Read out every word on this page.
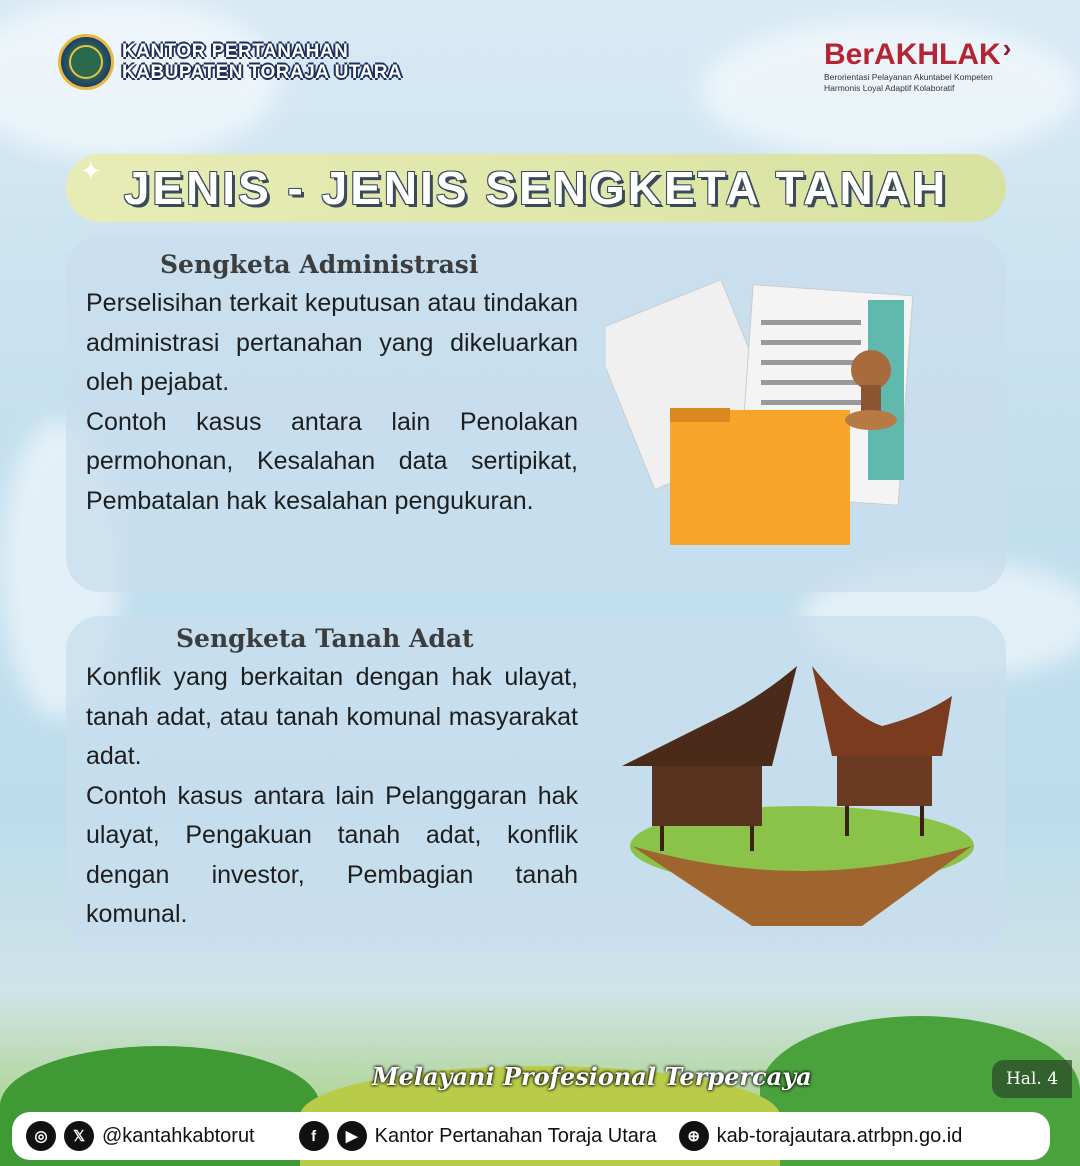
KANTOR PERTANAHAN
KABUPATEN TORAJA UTARA
BerAKHLAK ›
Berorientasi Pelayanan Akuntabel Kompeten
Harmonis Loyal Adaptif Kolaboratif
JENIS - JENIS SENGKETA TANAH
✦
Sengketa Administrasi

Perselisihan terkait keputusan atau tindakan administrasi pertanahan yang dikeluarkan oleh pejabat.
Contoh kasus antara lain Penolakan permohonan, Kesalahan data sertipikat, Pembatalan hak kesalahan pengukuran.

Sengketa Tanah Adat

Konflik yang berkaitan dengan hak ulayat, tanah adat, atau tanah komunal masyarakat adat.
Contoh kasus antara lain Pelanggaran hak ulayat, Pengakuan tanah adat, konflik dengan investor, Pembagian tanah komunal.

Melayani Profesional Terpercaya	Hal. 4
◎	𝕏 @kantahkabtorut	f	▶ Kantor Pertanahan Toraja Utara	⊕ kab-torajautara.atrbpn.go.id
